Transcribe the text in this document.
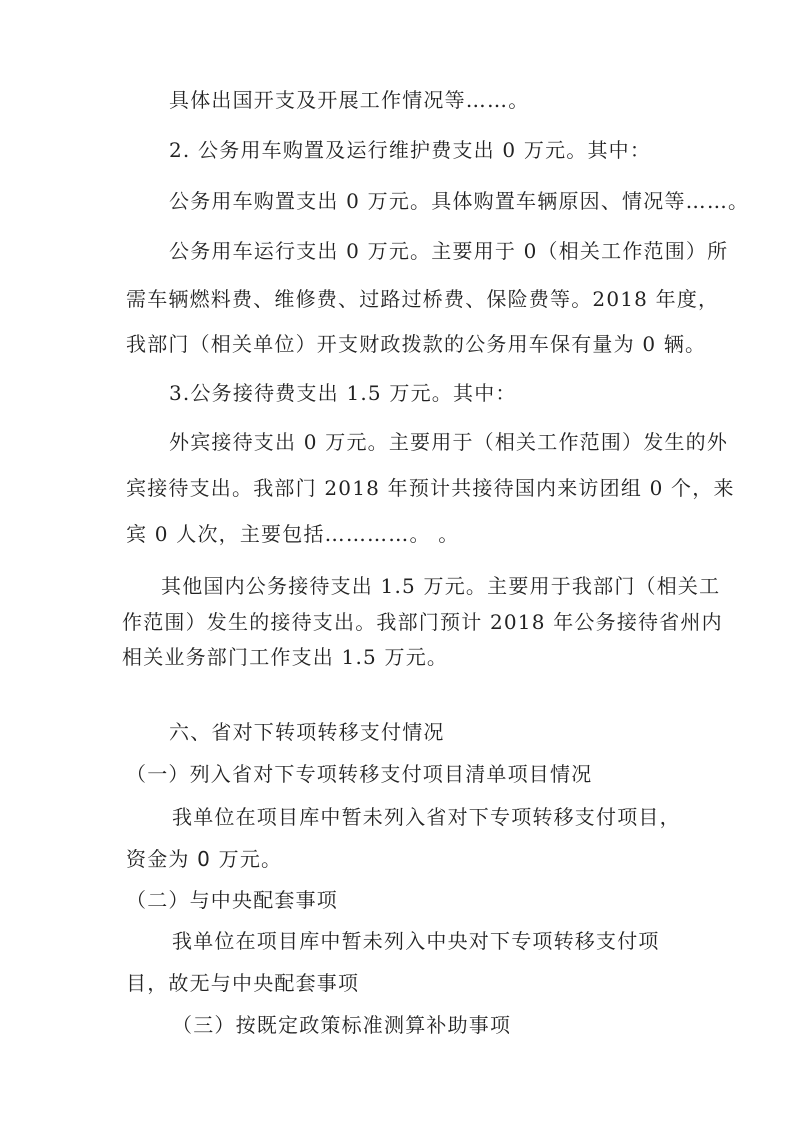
具体出国开支及开展工作情况等……。
2. 公务用车购置及运行维护费支出 0 万元。其中：
公务用车购置支出 0 万元。具体购置车辆原因、情况等……。
公务用车运行支出 0 万元。主要用于 0（相关工作范围）所
需车辆燃料费、维修费、过路过桥费、保险费等。2018 年度，
我部门（相关单位）开支财政拨款的公务用车保有量为 0 辆。
3.公务接待费支出 1.5 万元。其中：
外宾接待支出 0 万元。主要用于（相关工作范围）发生的外
宾接待支出。我部门 2018 年预计共接待国内来访团组 0 个，来
宾 0 人次，主要包括…………。 。
其他国内公务接待支出 1.5 万元。主要用于我部门（相关工
作范围）发生的接待支出。我部门预计 2018 年公务接待省州内
相关业务部门工作支出 1.5 万元。
六、省对下转项转移支付情况
（一）列入省对下专项转移支付项目清单项目情况
我单位在项目库中暂未列入省对下专项转移支付项目，
资金为 0 万元。
（二）与中央配套事项
我单位在项目库中暂未列入中央对下专项转移支付项
目，故无与中央配套事项
（三）按既定政策标准测算补助事项
